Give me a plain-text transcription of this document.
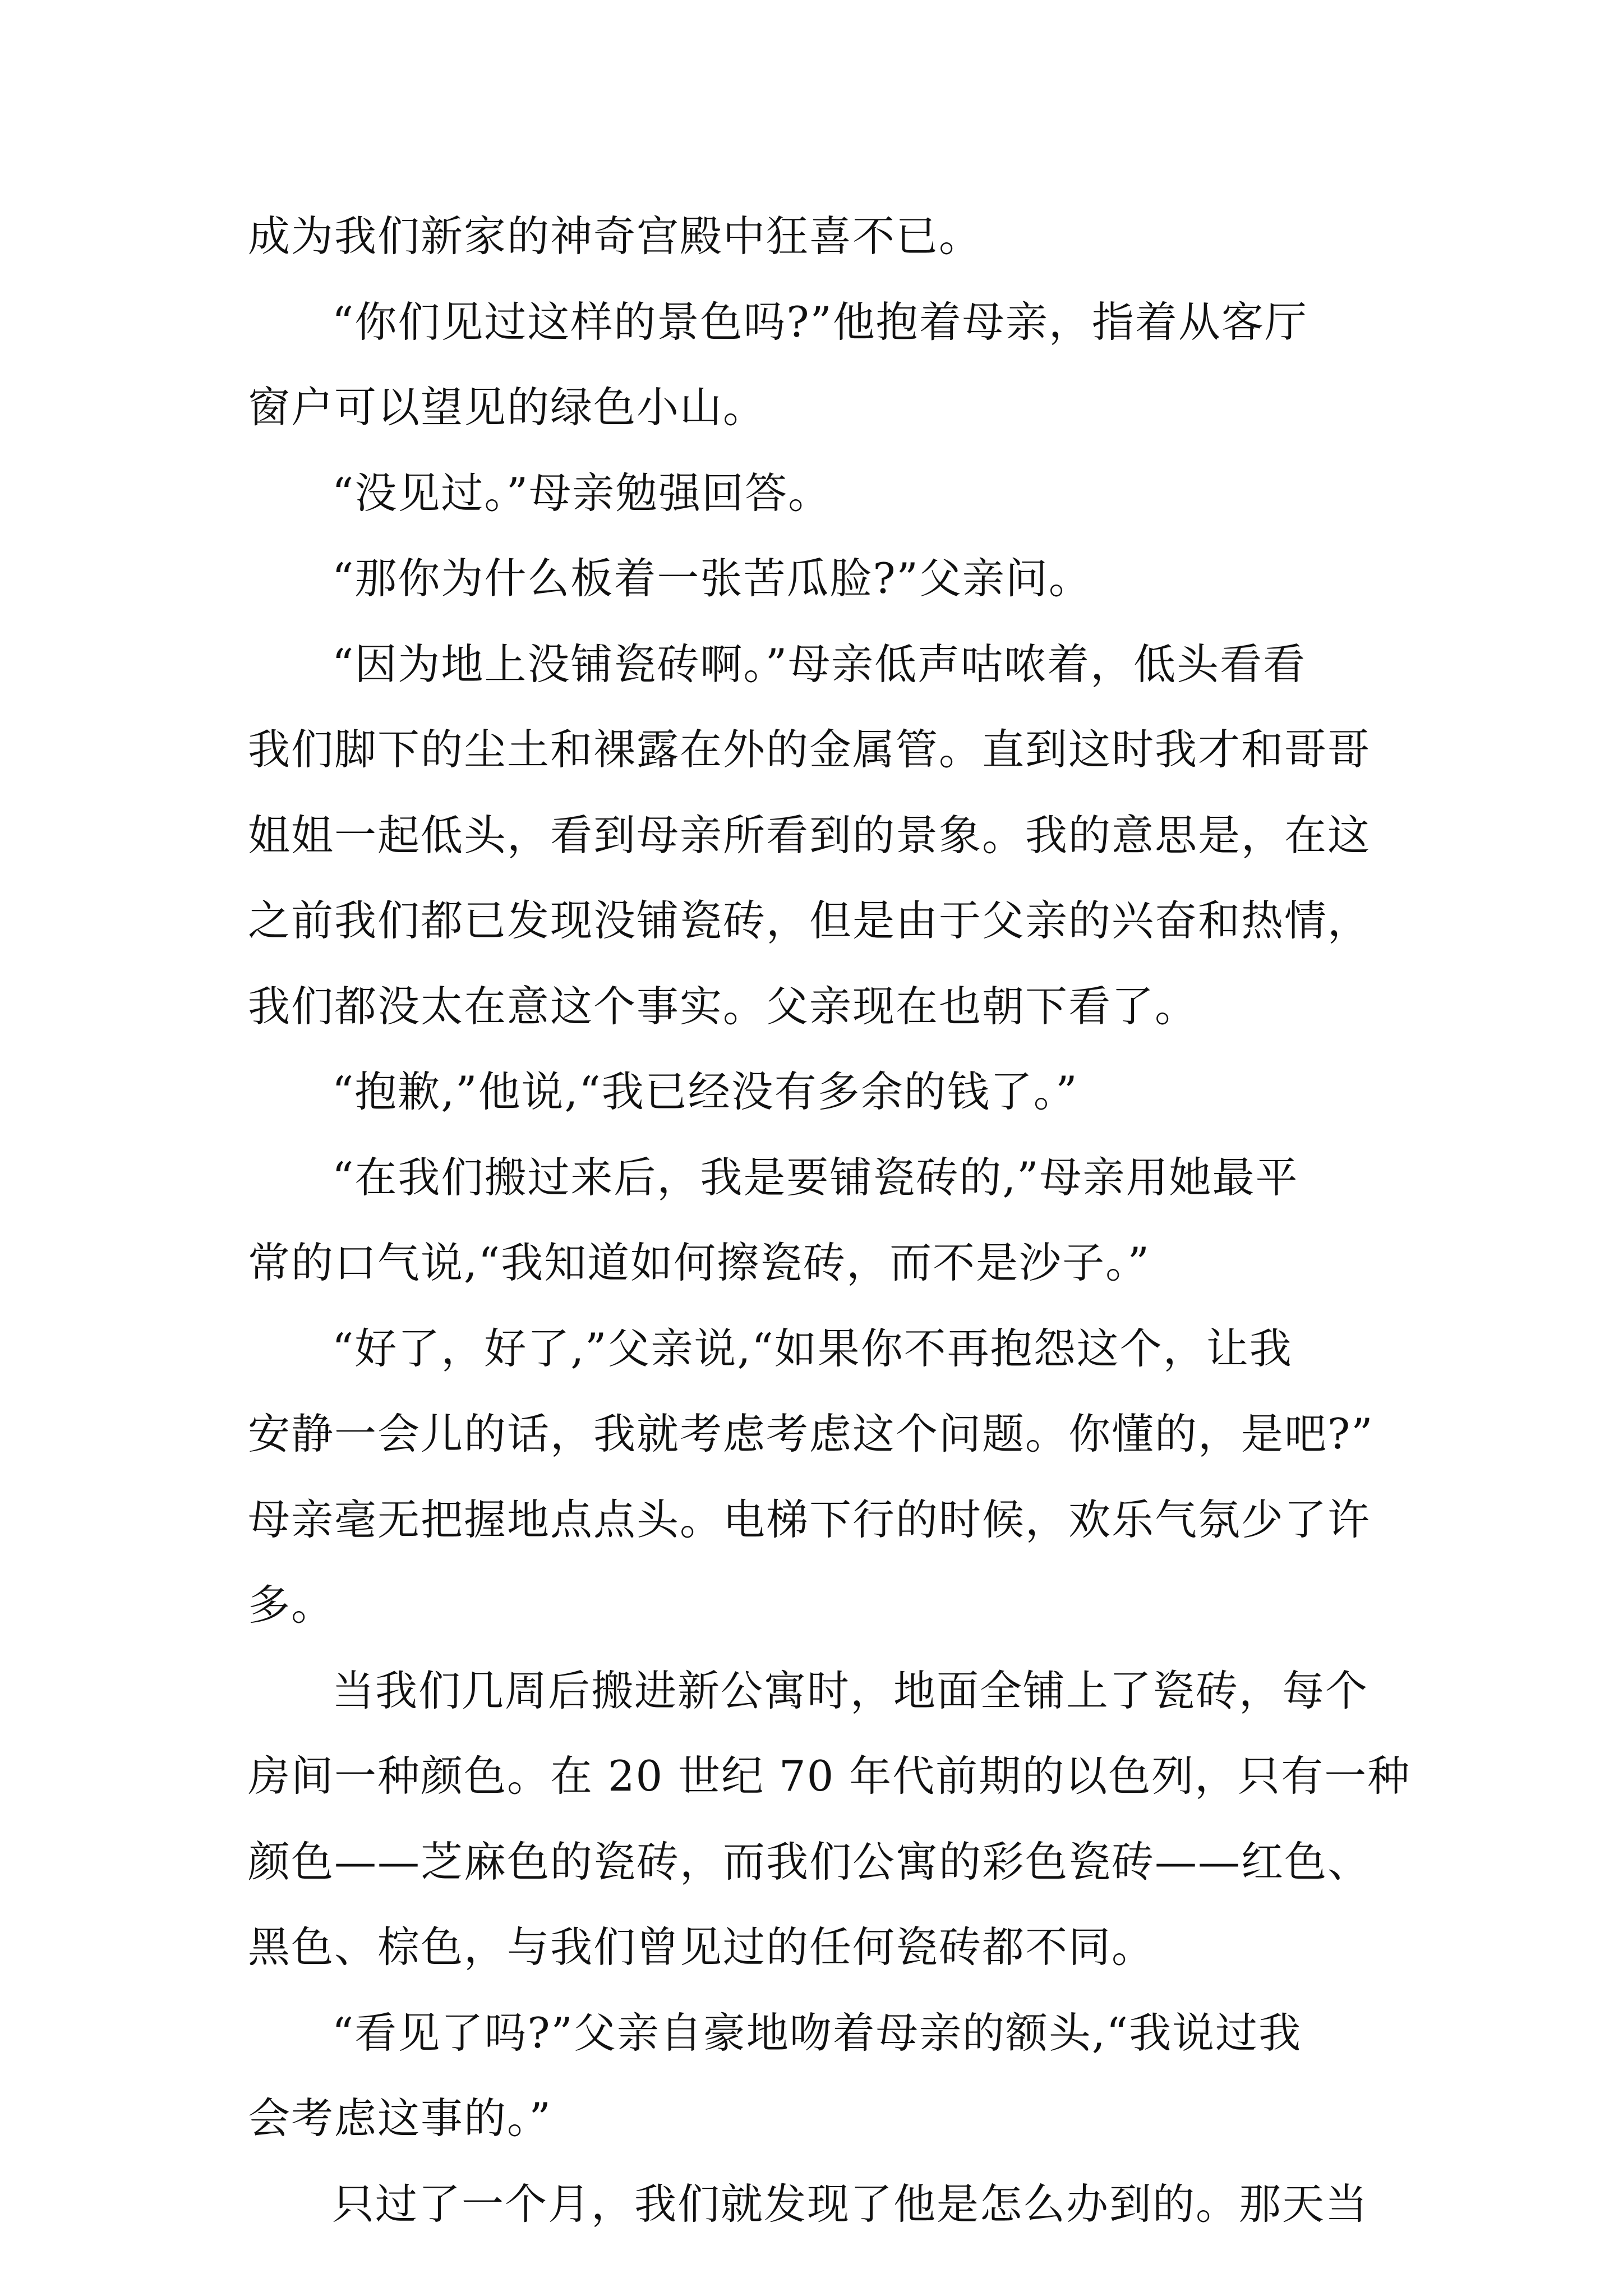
成为我们新家的神奇宫殿中狂喜不已。
“你们见过这样的景色吗?”他抱着母亲，指着从客厅
窗户可以望见的绿色小山。
“没见过。”母亲勉强回答。
“那你为什么板着一张苦瓜脸?”父亲问。
“因为地上没铺瓷砖啊。”母亲低声咕哝着，低头看看
我们脚下的尘土和裸露在外的金属管。直到这时我才和哥哥
姐姐一起低头，看到母亲所看到的景象。我的意思是，在这
之前我们都已发现没铺瓷砖，但是由于父亲的兴奋和热情，
我们都没太在意这个事实。父亲现在也朝下看了。
“抱歉,”他说,“我已经没有多余的钱了。”
“在我们搬过来后，我是要铺瓷砖的,”母亲用她最平
常的口气说,“我知道如何擦瓷砖，而不是沙子。”
“好了，好了,”父亲说,“如果你不再抱怨这个，让我
安静一会儿的话，我就考虑考虑这个问题。你懂的，是吧?”
母亲毫无把握地点点头。电梯下行的时候，欢乐气氛少了许
多。
当我们几周后搬进新公寓时，地面全铺上了瓷砖，每个
房间一种颜色。在 20 世纪 70 年代前期的以色列，只有一种
颜色——芝麻色的瓷砖，而我们公寓的彩色瓷砖——红色、
黑色、棕色，与我们曾见过的任何瓷砖都不同。
“看见了吗?”父亲自豪地吻着母亲的额头,“我说过我
会考虑这事的。”
只过了一个月，我们就发现了他是怎么办到的。那天当
